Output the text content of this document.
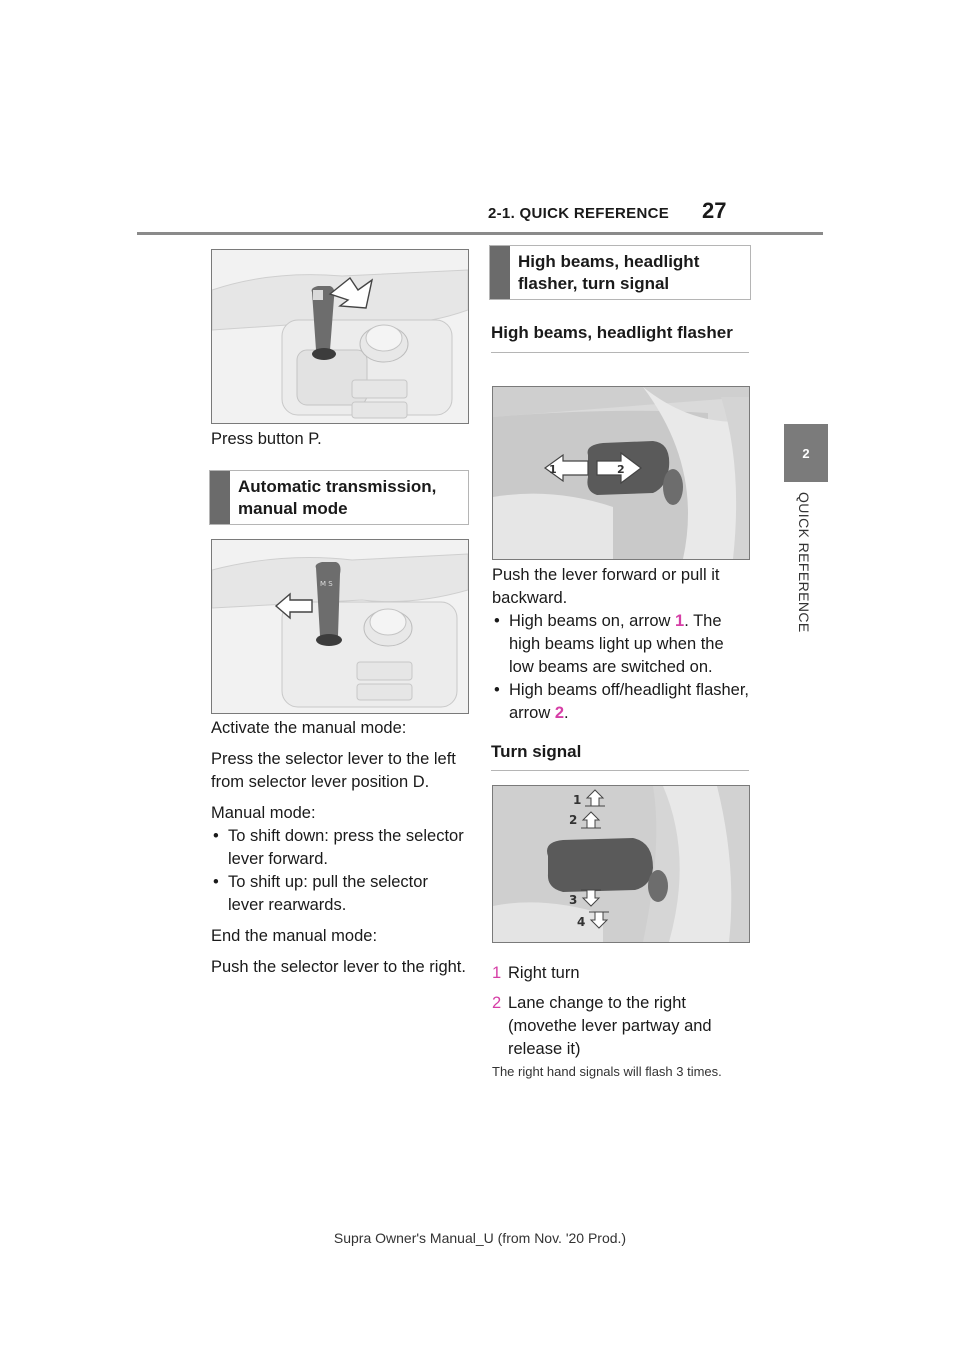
2-1. QUICK REFERENCE 27
2
QUICK REFERENCE
Press button P.
Automatic transmission, manual mode
M S

Activate the manual mode:

Press the selector lever to the left from selector lever position D.

Manual mode:

• To shift down: press the selector lever forward.

• To shift up: pull the selector lever rearwards.

End the manual mode:

Push the selector lever to the right.

High beams, headlight flasher, turn signal
High beams, headlight flasher
1	2

Push the lever forward or pull it backward.

• High beams on, arrow 1. The high beams light up when the low beams are switched on.

• High beams off/headlight flasher, arrow 2.

Turn signal
1
2
3
4

1 Right turn

2 Lane change to the right (movethe lever partway and release it)

The right hand signals will flash 3 times.
Supra Owner's Manual_U (from Nov. '20 Prod.)
